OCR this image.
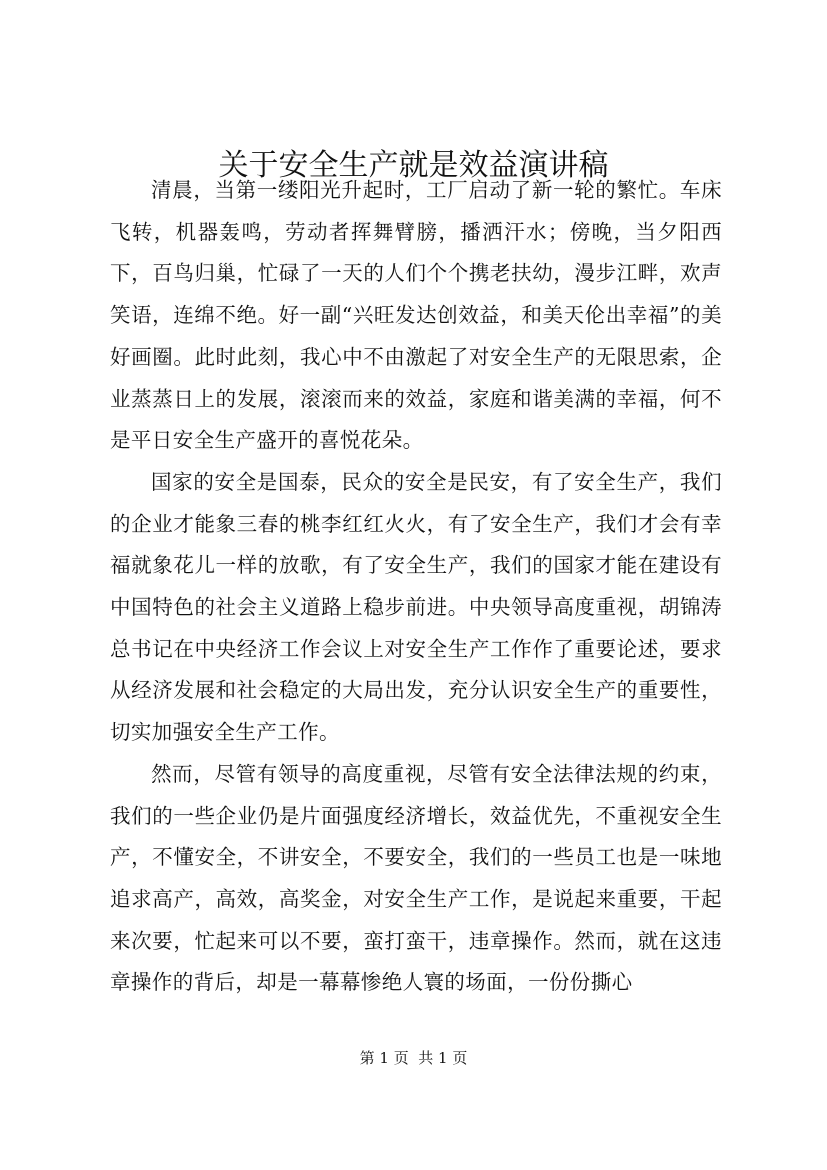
关于安全生产就是效益演讲稿

清晨，当第一缕阳光升起时，工厂启动了新一轮的繁忙。车床飞转，机器轰鸣，劳动者挥舞臂膀，播洒汗水；傍晚，当夕阳西下，百鸟归巢，忙碌了一天的人们个个携老扶幼，漫步江畔，欢声笑语，连绵不绝。好一副“兴旺发达创效益，和美天伦出幸福”的美好画圈。此时此刻，我心中不由激起了对安全生产的无限思索，企业蒸蒸日上的发展，滚滚而来的效益，家庭和谐美满的幸福，何不是平日安全生产盛开的喜悦花朵。

国家的安全是国泰，民众的安全是民安，有了安全生产，我们的企业才能象三春的桃李红红火火，有了安全生产，我们才会有幸福就象花儿一样的放歌，有了安全生产，我们的国家才能在建设有中国特色的社会主义道路上稳步前进。中央领导高度重视，胡锦涛总书记在中央经济工作会议上对安全生产工作作了重要论述，要求从经济发展和社会稳定的大局出发，充分认识安全生产的重要性，切实加强安全生产工作。

然而，尽管有领导的高度重视，尽管有安全法律法规的约束，我们的一些企业仍是片面强度经济增长，效益优先，不重视安全生产，不懂安全，不讲安全，不要安全，我们的一些员工也是一味地追求高产，高效，高奖金，对安全生产工作，是说起来重要，干起来次要，忙起来可以不要，蛮打蛮干，违章操作。然而，就在这违章操作的背后，却是一幕幕惨绝人寰的场面，一份份撕心

第 1 页  共 1 页
